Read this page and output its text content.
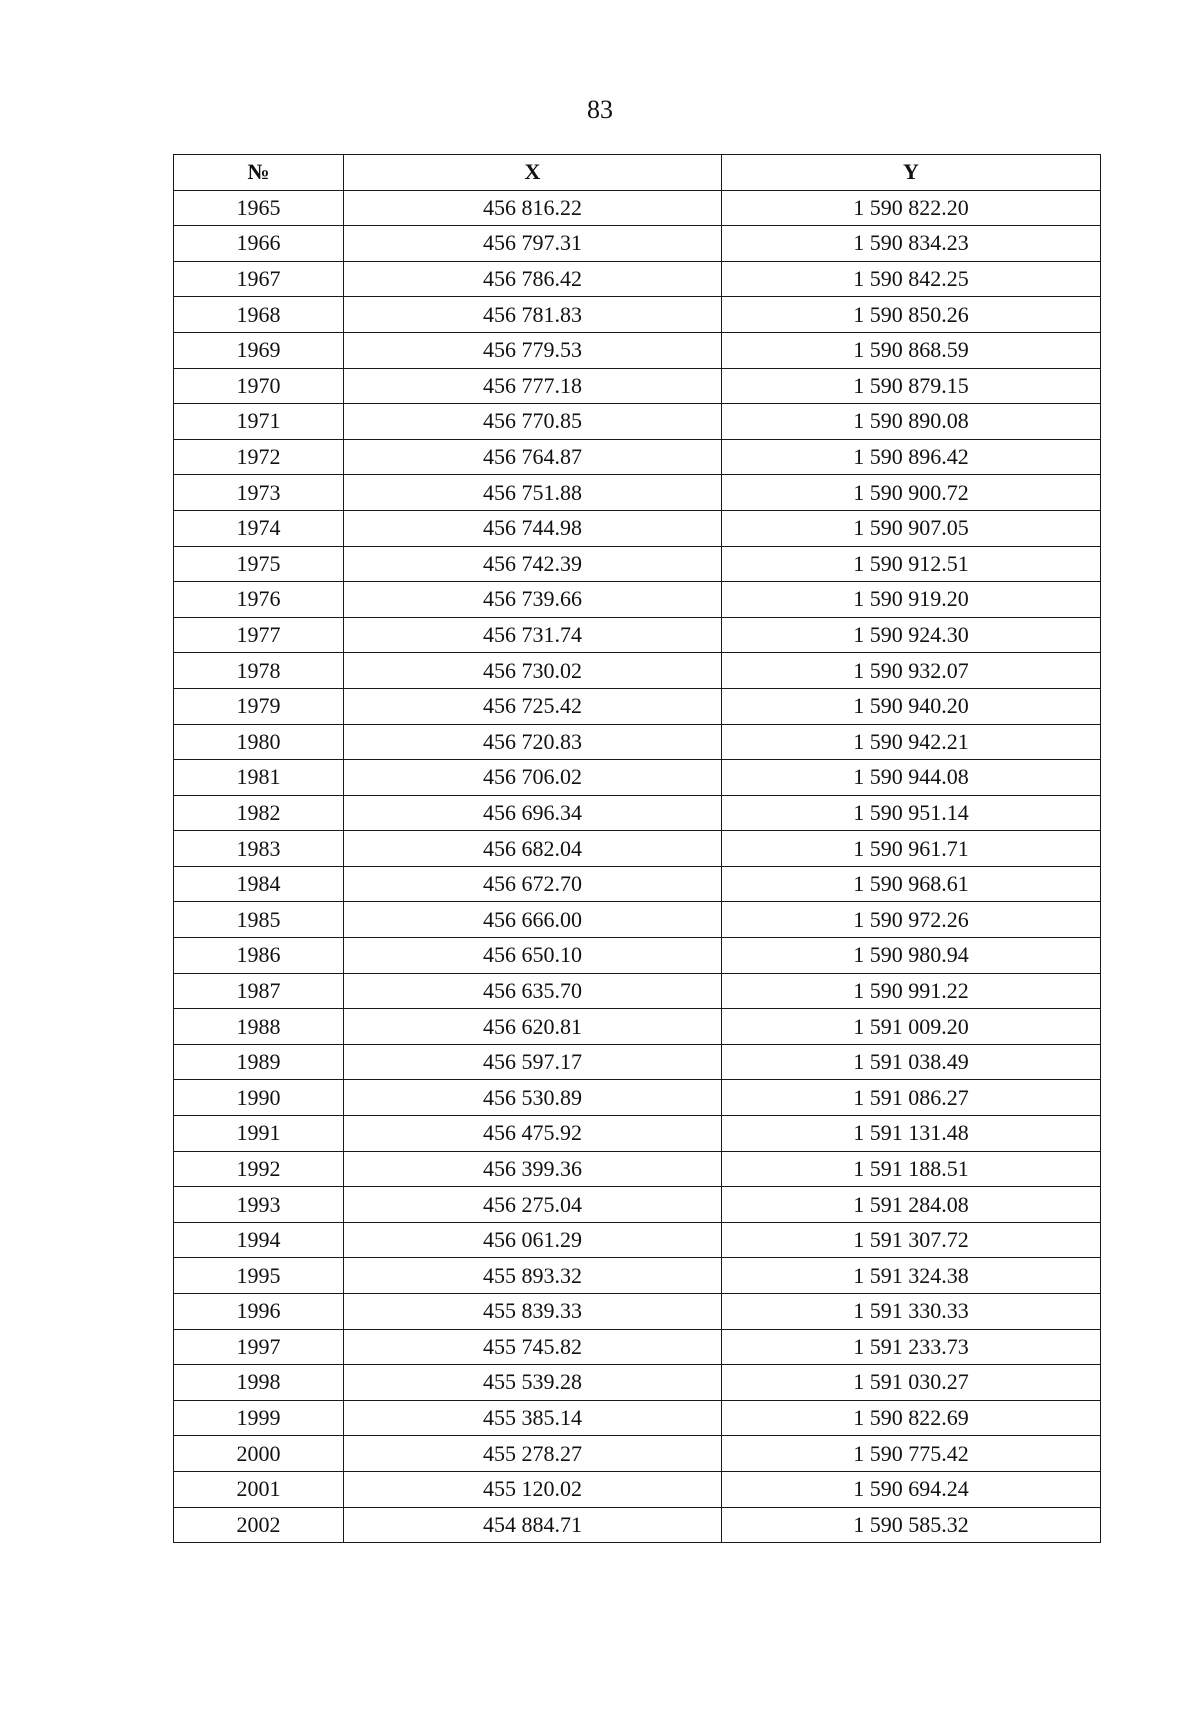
83
№	X	Y
1965	456 816.22	1 590 822.20
1966	456 797.31	1 590 834.23
1967	456 786.42	1 590 842.25
1968	456 781.83	1 590 850.26
1969	456 779.53	1 590 868.59
1970	456 777.18	1 590 879.15
1971	456 770.85	1 590 890.08
1972	456 764.87	1 590 896.42
1973	456 751.88	1 590 900.72
1974	456 744.98	1 590 907.05
1975	456 742.39	1 590 912.51
1976	456 739.66	1 590 919.20
1977	456 731.74	1 590 924.30
1978	456 730.02	1 590 932.07
1979	456 725.42	1 590 940.20
1980	456 720.83	1 590 942.21
1981	456 706.02	1 590 944.08
1982	456 696.34	1 590 951.14
1983	456 682.04	1 590 961.71
1984	456 672.70	1 590 968.61
1985	456 666.00	1 590 972.26
1986	456 650.10	1 590 980.94
1987	456 635.70	1 590 991.22
1988	456 620.81	1 591 009.20
1989	456 597.17	1 591 038.49
1990	456 530.89	1 591 086.27
1991	456 475.92	1 591 131.48
1992	456 399.36	1 591 188.51
1993	456 275.04	1 591 284.08
1994	456 061.29	1 591 307.72
1995	455 893.32	1 591 324.38
1996	455 839.33	1 591 330.33
1997	455 745.82	1 591 233.73
1998	455 539.28	1 591 030.27
1999	455 385.14	1 590 822.69
2000	455 278.27	1 590 775.42
2001	455 120.02	1 590 694.24
2002	454 884.71	1 590 585.32
